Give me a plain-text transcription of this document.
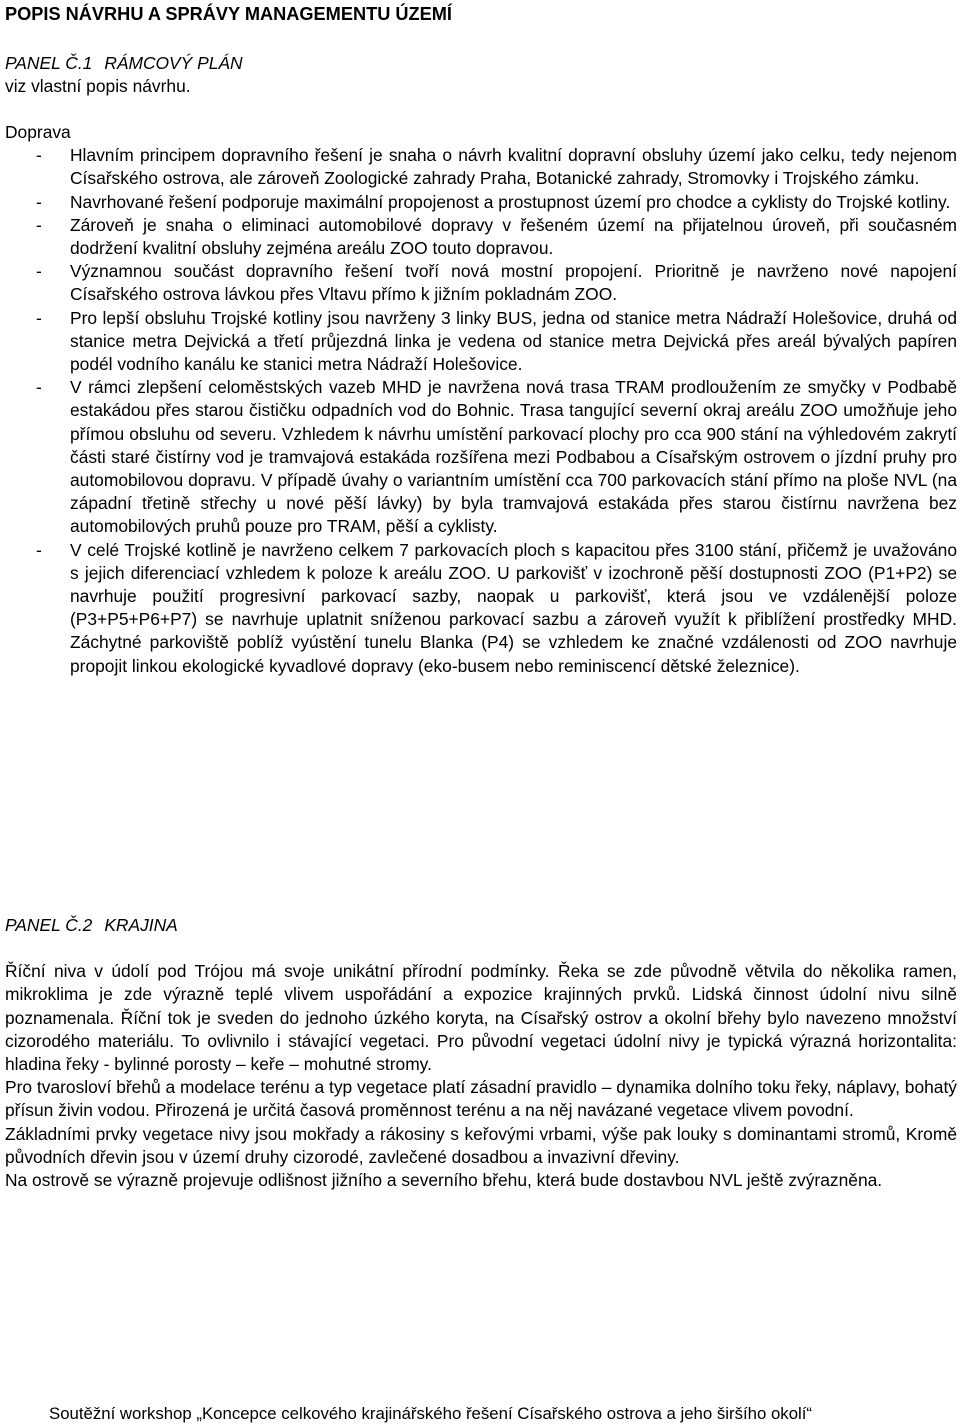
POPIS NÁVRHU A SPRÁVY MANAGEMENTU ÚZEMÍ
PANEL Č.1 RÁMCOVÝ PLÁN

viz vlastní popis návrhu.

Doprava

- Hlavním principem dopravního řešení je snaha o návrh kvalitní dopravní obsluhy území jako celku, tedy nejenom Císařského ostrova, ale zároveň Zoologické zahrady Praha, Botanické zahrady, Stromovky i Trojského zámku.
- Navrhované řešení podporuje maximální propojenost a prostupnost území pro chodce a cyklisty do Trojské kotliny.
- Zároveň je snaha o eliminaci automobilové dopravy v řešeném území na přijatelnou úroveň, při současném dodržení kvalitní obsluhy zejména areálu ZOO touto dopravou.
- Významnou součást dopravního řešení tvoří nová mostní propojení. Prioritně je navrženo nové napojení Císařského ostrova lávkou přes Vltavu přímo k jižním pokladnám ZOO.
- Pro lepší obsluhu Trojské kotliny jsou navrženy 3 linky BUS, jedna od stanice metra Nádraží Holešovice, druhá od stanice metra Dejvická a třetí průjezdná linka je vedena od stanice metra Dejvická přes areál bývalých papíren podél vodního kanálu ke stanici metra Nádraží Holešovice.
- V rámci zlepšení celoměstských vazeb MHD je navržena nová trasa TRAM prodloužením ze smyčky v Podbabě estakádou přes starou čističku odpadních vod do Bohnic. Trasa tangující severní okraj areálu ZOO umožňuje jeho přímou obsluhu od severu. Vzhledem k návrhu umístění parkovací plochy pro cca 900 stání na výhledovém zakrytí části staré čistírny vod je tramvajová estakáda rozšířena mezi Podbabou a Císařským ostrovem o jízdní pruhy pro automobilovou dopravu. V případě úvahy o variantním umístění cca 700 parkovacích stání přímo na ploše NVL (na západní třetině střechy u nové pěší lávky) by byla tramvajová estakáda přes starou čistírnu navržena bez automobilových pruhů pouze pro TRAM, pěší a cyklisty.
- V celé Trojské kotlině je navrženo celkem 7 parkovacích ploch s kapacitou přes 3100 stání, přičemž je uvažováno s jejich diferenciací vzhledem k poloze k areálu ZOO. U parkovišť v izochroně pěší dostupnosti ZOO (P1+P2) se navrhuje použití progresivní parkovací sazby, naopak u parkovišť, která jsou ve vzdálenější poloze (P3+P5+P6+P7) se navrhuje uplatnit sníženou parkovací sazbu a zároveň využít k přiblížení prostředky MHD. Záchytné parkoviště poblíž vyústění tunelu Blanka (P4) se vzhledem ke značné vzdálenosti od ZOO navrhuje propojit linkou ekologické kyvadlové dopravy (eko-busem nebo reminiscencí dětské železnice).
PANEL Č.2 KRAJINA

Říční niva v údolí pod Trójou má svoje unikátní přírodní podmínky. Řeka se zde původně větvila do několika ramen, mikroklima je zde výrazně teplé vlivem uspořádání a expozice krajinných prvků. Lidská činnost údolní nivu silně poznamenala. Říční tok je sveden do jednoho úzkého koryta, na Císařský ostrov a okolní břehy bylo navezeno množství cizorodého materiálu. To ovlivnilo i stávající vegetaci. Pro původní vegetaci údolní nivy je typická výrazná horizontalita: hladina řeky - bylinné porosty – keře – mohutné stromy.

Pro tvarosloví břehů a modelace terénu a typ vegetace platí zásadní pravidlo – dynamika dolního toku řeky, náplavy, bohatý přísun živin vodou. Přirozená je určitá časová proměnnost terénu a na něj navázané vegetace vlivem povodní.

Základními prvky vegetace nivy jsou mokřady a rákosiny s keřovými vrbami, výše pak louky s dominantami stromů, Kromě původních dřevin jsou v území druhy cizorodé, zavlečené dosadbou a invazivní dřeviny.

Na ostrově se výrazně projevuje odlišnost jižního a severního břehu, která bude dostavbou NVL ještě zvýrazněna.

Soutěžní workshop „Koncepce celkového krajinářského řešení Císařského ostrova a jeho širšího okolí“
